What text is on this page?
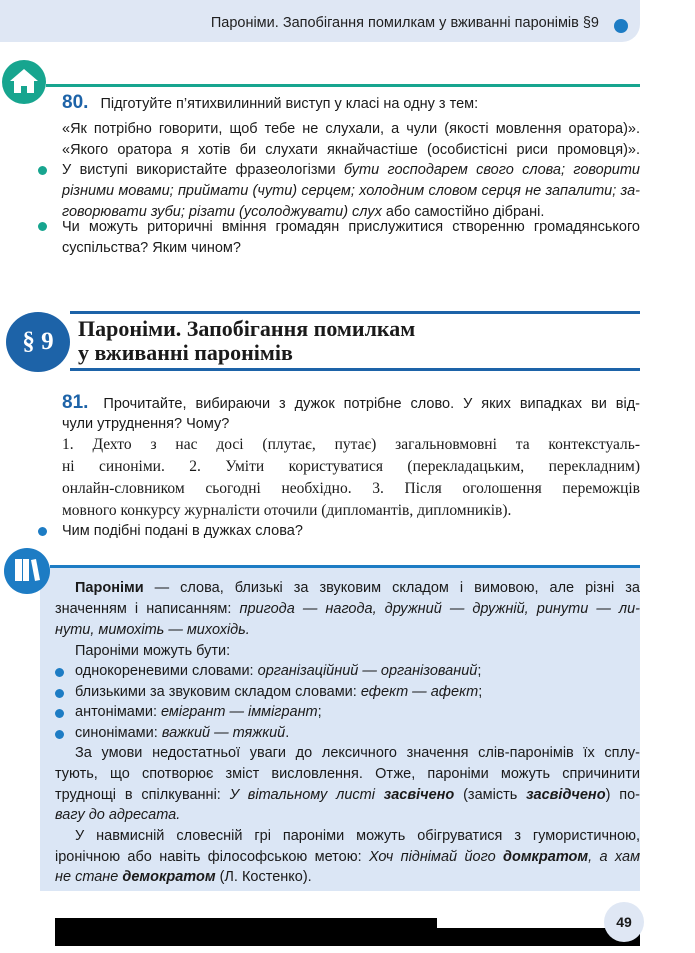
Пароніми. Запобігання помилкам у вживанні паронімів §9
80. Підготуйте п’ятихвилинний виступ у класі на одну з тем:
«Як потрібно говорити, щоб тебе не слухали, а чули (якості мовлення оратора)».
«Якого оратора я хотів би слухати якнайчастіше (особистісні риси промовця)».
У виступі використайте фразеологізми бути господарем свого слова; говорити
різними мовами; приймати (чути) серцем; холодним словом серця не запалити; за-
говорювати зуби; різати (усолоджувати) слух або самостійно дібрані.
Чи можуть риторичні вміння громадян прислужитися створенню громадянського
суспільства? Яким чином?
§ 9	Пароніми. Запобігання помилкам
у вживанні паронімів
81. Прочитайте, вибираючи з дужок потрібне слово. У яких випадках ви від-
чули утруднення? Чому?
1. Дехто з нас досі (плутає, путає) загальновмовні та контекстуаль-
ні синоніми. 2. Уміти користуватися (перекладацьким, перекладним)
онлайн-словником сьогодні необхідно. 3. Після оголошення переможців
мовного конкурсу журналісти оточили (дипломантів, дипломників).
Чим подібні подані в дужках слова?
Пароніми — слова, близькі за звуковим складом і вимовою, але різні за
значенням і написанням: пригода — нагода, дружний — дружній, ринути — ли-
нути, мимохіть — михохідь.
Пароніми можуть бути:
однокореневими словами: організаційний — організований;
близькими за звуковим складом словами: ефект — афект;
антонімами: емігрант — іммігрант;
синонімами: важкий — тяжкий.
За умови недостатньої уваги до лексичного значення слів-паронімів їх сплу-
тують, що спотворює зміст висловлення. Отже, пароніми можуть спричинити
труднощі в спілкуванні: У вітальному листі засвічено (замість засвідчено) по-
вагу до адресата.
У навмисній словесній грі пароніми можуть обігруватися з гумористичною,
іронічною або навіть філософською метою: Хоч піднімай його домкратом, а хам
не стане демократом (Л. Костенко).
49
